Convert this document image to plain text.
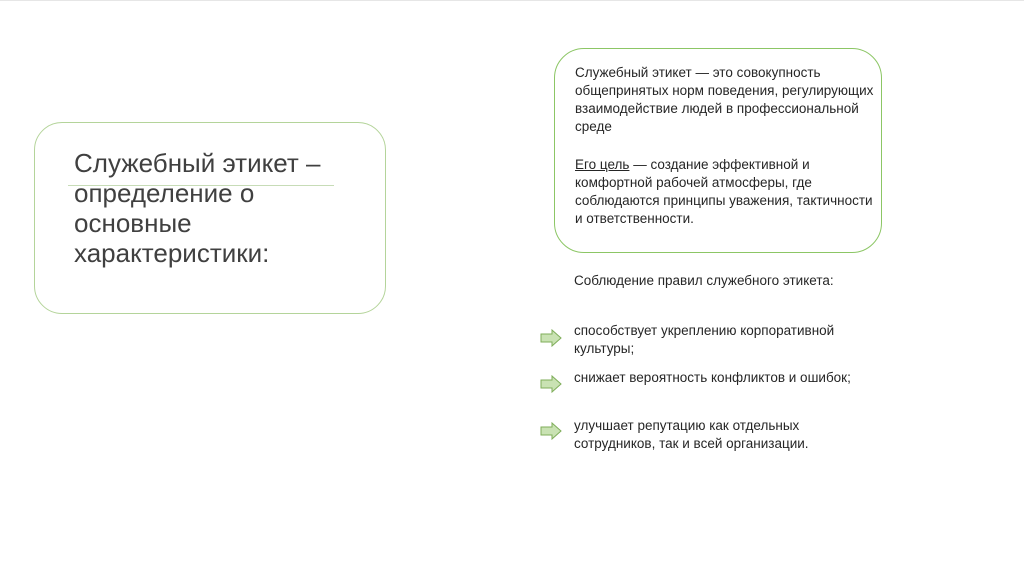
Служебный этикет – определение о основные характеристики:

Служебный этикет — это совокупность общепринятых норм поведения, регулирующих взаимодействие людей в профессиональной среде

Его цель — создание эффективной и комфортной рабочей атмосферы, где соблюдаются принципы уважения, тактичности и ответственности.

Соблюдение правил служебного этикета:
способствует укреплению корпоративной культуры;
снижает вероятность конфликтов и ошибок;
улучшает репутацию как отдельных сотрудников, так и всей организации.
